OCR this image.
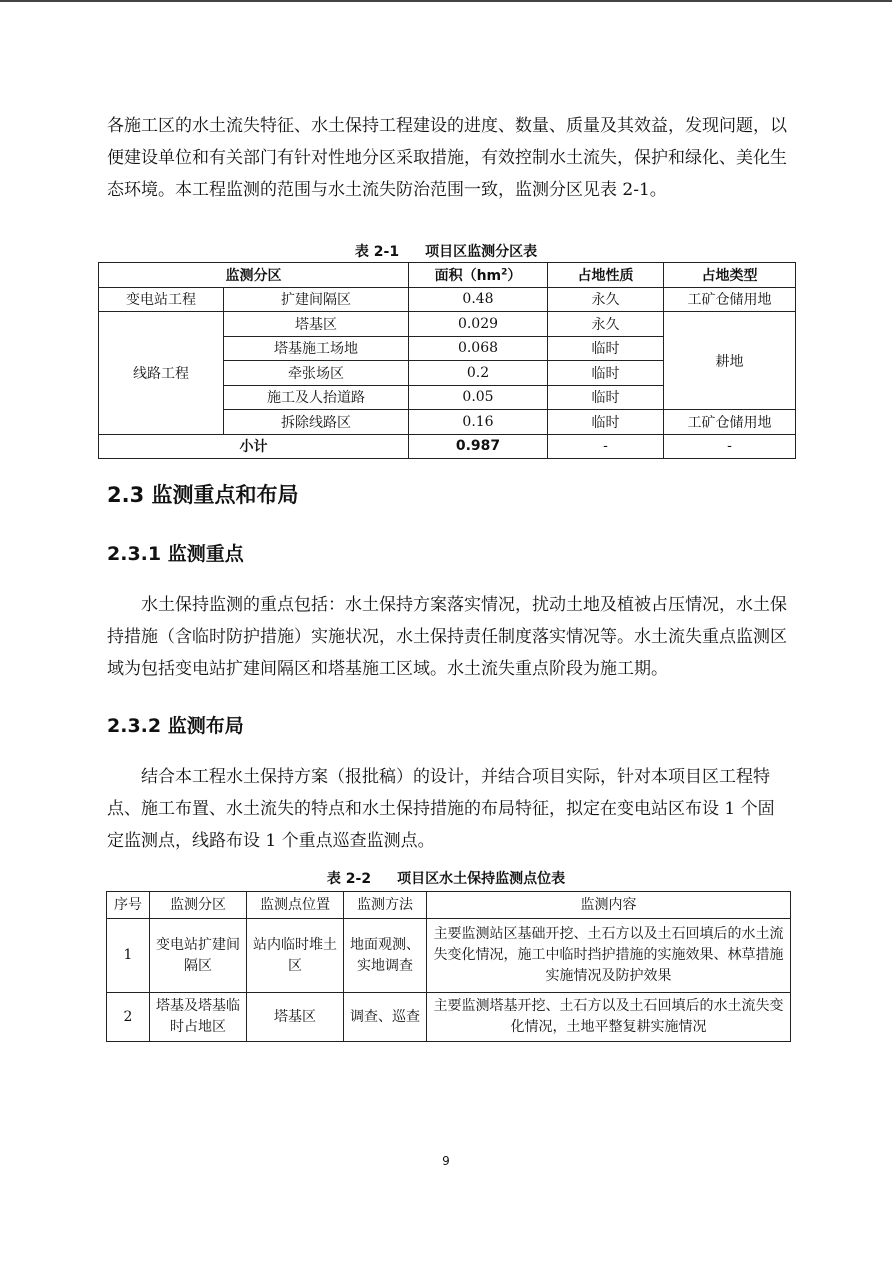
各施工区的水土流失特征、水土保持工程建设的进度、数量、质量及其效益，发现问题，以便建设单位和有关部门有针对性地分区采取措施，有效控制水土流失，保护和绿化、美化生态环境。本工程监测的范围与水土流失防治范围一致，监测分区见表 2-1。

表 2-1 项目区监测分区表
监测分区		面积$(hm^2)$	占地性质	占地类型
变电站工程	扩建间隔区	0.48	永久	工矿仓储用地
线路工程	塔基区	0.029	永久	耕地
	塔基施工场地	0.068	临时	
	牵张场区	0.2	临时	
	施工及人抬道路	0.05	临时	
	拆除线路区	0.16	临时	工矿仓储用地
小计		0.987	-	-
2.3 监测重点和布局
2.3.1 监测重点

水土保持监测的重点包括：水土保持方案落实情况，扰动土地及植被占压情况，水土保持措施（含临时防护措施）实施状况，水土保持责任制度落实情况等。水土流失重点监测区域为包括变电站扩建间隔区和塔基施工区域。水土流失重点阶段为施工期。

2.3.2 监测布局

结合本工程水土保持方案（报批稿）的设计，并结合项目实际，针对本项目区工程特点、施工布置、水土流失的特点和水土保持措施的布局特征，拟定在变电站区布设 1 个固定监测点，线路布设 1 个重点巡查监测点。

表 2-2 项目区水土保持监测点位表
序号	监测分区	监测点位置	监测方法	监测内容
1	变电站扩建间隔区	站内临时堆土区	地面观测、实地调查	主要监测站区基础开挖、土石方以及土石回填后的水土流失变化情况，施工中临时挡护措施的实施效果、林草措施实施情况及防护效果
2	塔基及塔基临时占地区	塔基区	调查、巡查	主要监测塔基开挖、土石方以及土石回填后的水土流失变化情况，土地平整复耕实施情况
9
